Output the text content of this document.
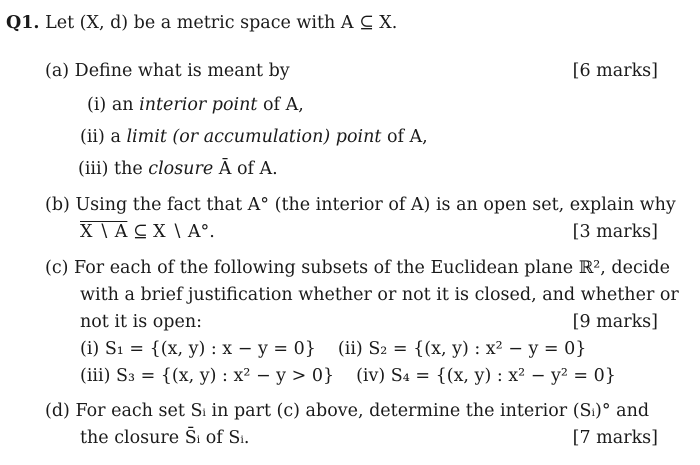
Q1. Let (X, d) be a metric space with A ⊆ X.
(a) Define what is meant by	[6 marks]
(i) an interior point of A,
(ii) a limit (or accumulation) point of A,
(iii) the closure Ā of A.
(b) Using the fact that A° (the interior of A) is an open set, explain why
X ∖ A ⊆ X ∖ A°.	[3 marks]
(c) For each of the following subsets of the Euclidean plane ℝ², decide
with a brief justification whether or not it is closed, and whether or
not it is open:	[9 marks]
(i) S₁ = {(x, y) : x − y = 0} (ii) S₂ = {(x, y) : x² − y = 0}
(iii) S₃ = {(x, y) : x² − y > 0} (iv) S₄ = {(x, y) : x² − y² = 0}
(d) For each set Sᵢ in part (c) above, determine the interior (Sᵢ)° and
the closure S̄ᵢ of Sᵢ.	[7 marks]
